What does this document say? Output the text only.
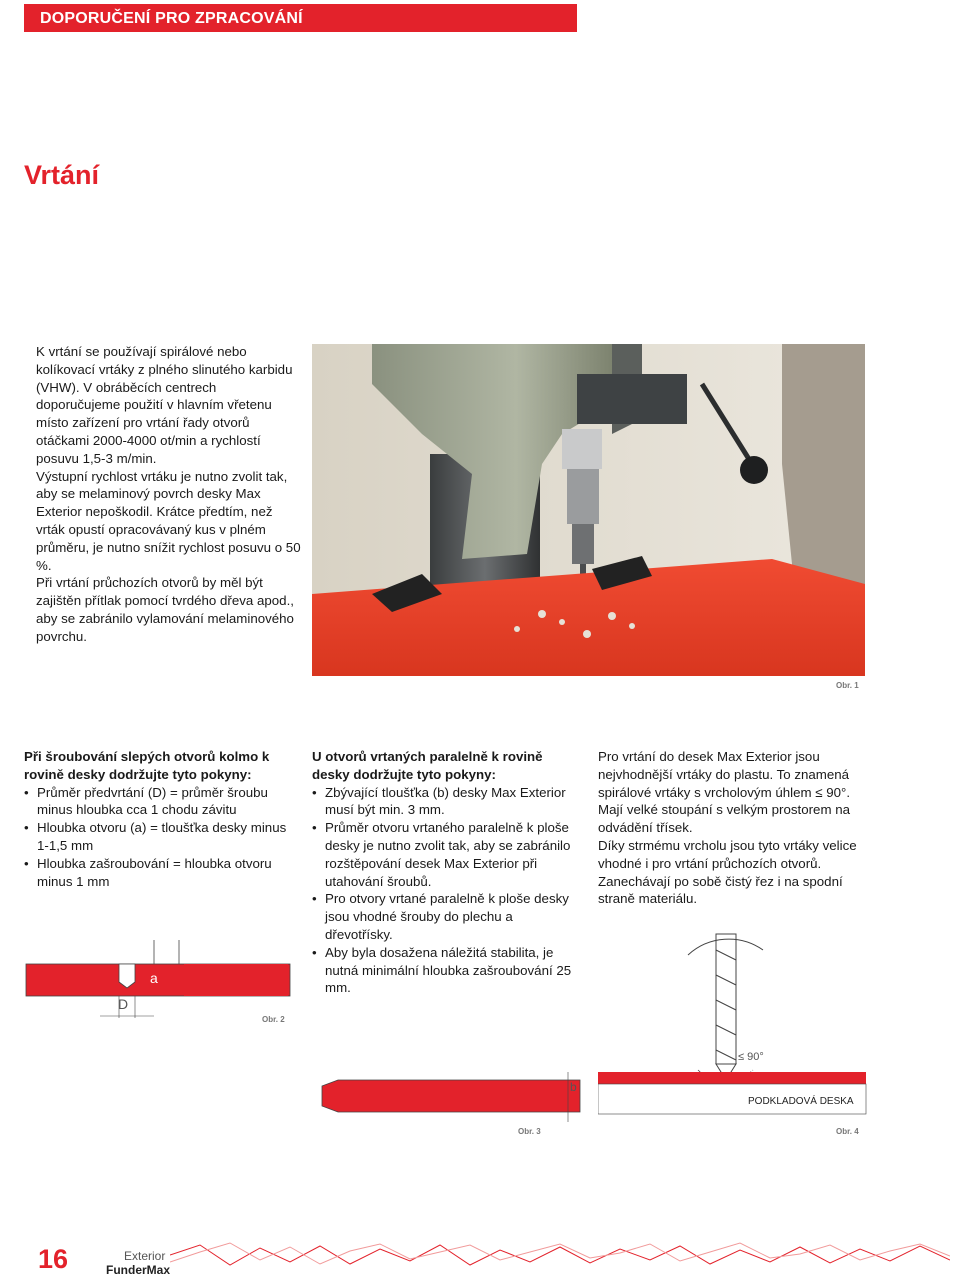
DOPORUČENÍ PRO ZPRACOVÁNÍ
Vrtání

K vrtání se používají spirálové nebo kolíkovací vrtáky z plného slinutého karbidu (VHW). V obráběcích centrech doporučujeme použití v hlavním vřetenu místo zařízení pro vrtání řady otvorů otáčkami 2000-4000 ot/min a rychlostí posuvu 1,5-3 m/min.

Výstupní rychlost vrtáku je nutno zvolit tak, aby se melaminový povrch desky Max Exterior nepoškodil. Krátce předtím, než vrták opustí opracovávaný kus v plném průměru, je nutno snížit rychlost posuvu o 50 %.

Při vrtání průchozích otvorů by měl být zajištěn přítlak pomocí tvrdého dřeva apod., aby se zabránilo vylamování melaminového povrchu.

Obr. 1

Při šroubování slepých otvorů kolmo k rovině desky dodržujte tyto pokyny:

• Průměr předvrtání (D) = průměr šroubu minus hloubka cca 1 chodu závitu
• Hloubka otvoru (a) = tloušťka desky minus 1-1,5 mm
• Hloubka zašroubování = hloubka otvoru minus 1 mm

U otvorů vrtaných paralelně k rovině desky dodržujte tyto pokyny:

• Zbývající tloušťka (b) desky Max Exterior musí být min. 3 mm.
• Průměr otvoru vrtaného paralelně k ploše desky je nutno zvolit tak, aby se zabránilo rozštěpování desek Max Exterior při utahování šroubů.
• Pro otvory vrtané paralelně k ploše desky jsou vhodné šrouby do plechu a dřevotřísky.
• Aby byla dosažena náležitá stabilita, je nutná minimální hloubka zašroubování 25 mm.

Pro vrtání do desek Max Exterior jsou nejvhodnější vrtáky do plastu. To znamená spirálové vrtáky s vrcholovým úhlem ≤ 90°. Mají velké stoupání s velkým prostorem na odvádění třísek.

Díky strmému vrcholu jsou tyto vrtáky velice vhodné i pro vrtání průchozích otvorů. Zanechávají po sobě čistý řez i na spodní straně materiálu.

a
D
Obr. 2
b
Obr. 3
≤ 90°
PODKLADOVÁ DESKA
Obr. 4
16	Exterior
FunderMax
